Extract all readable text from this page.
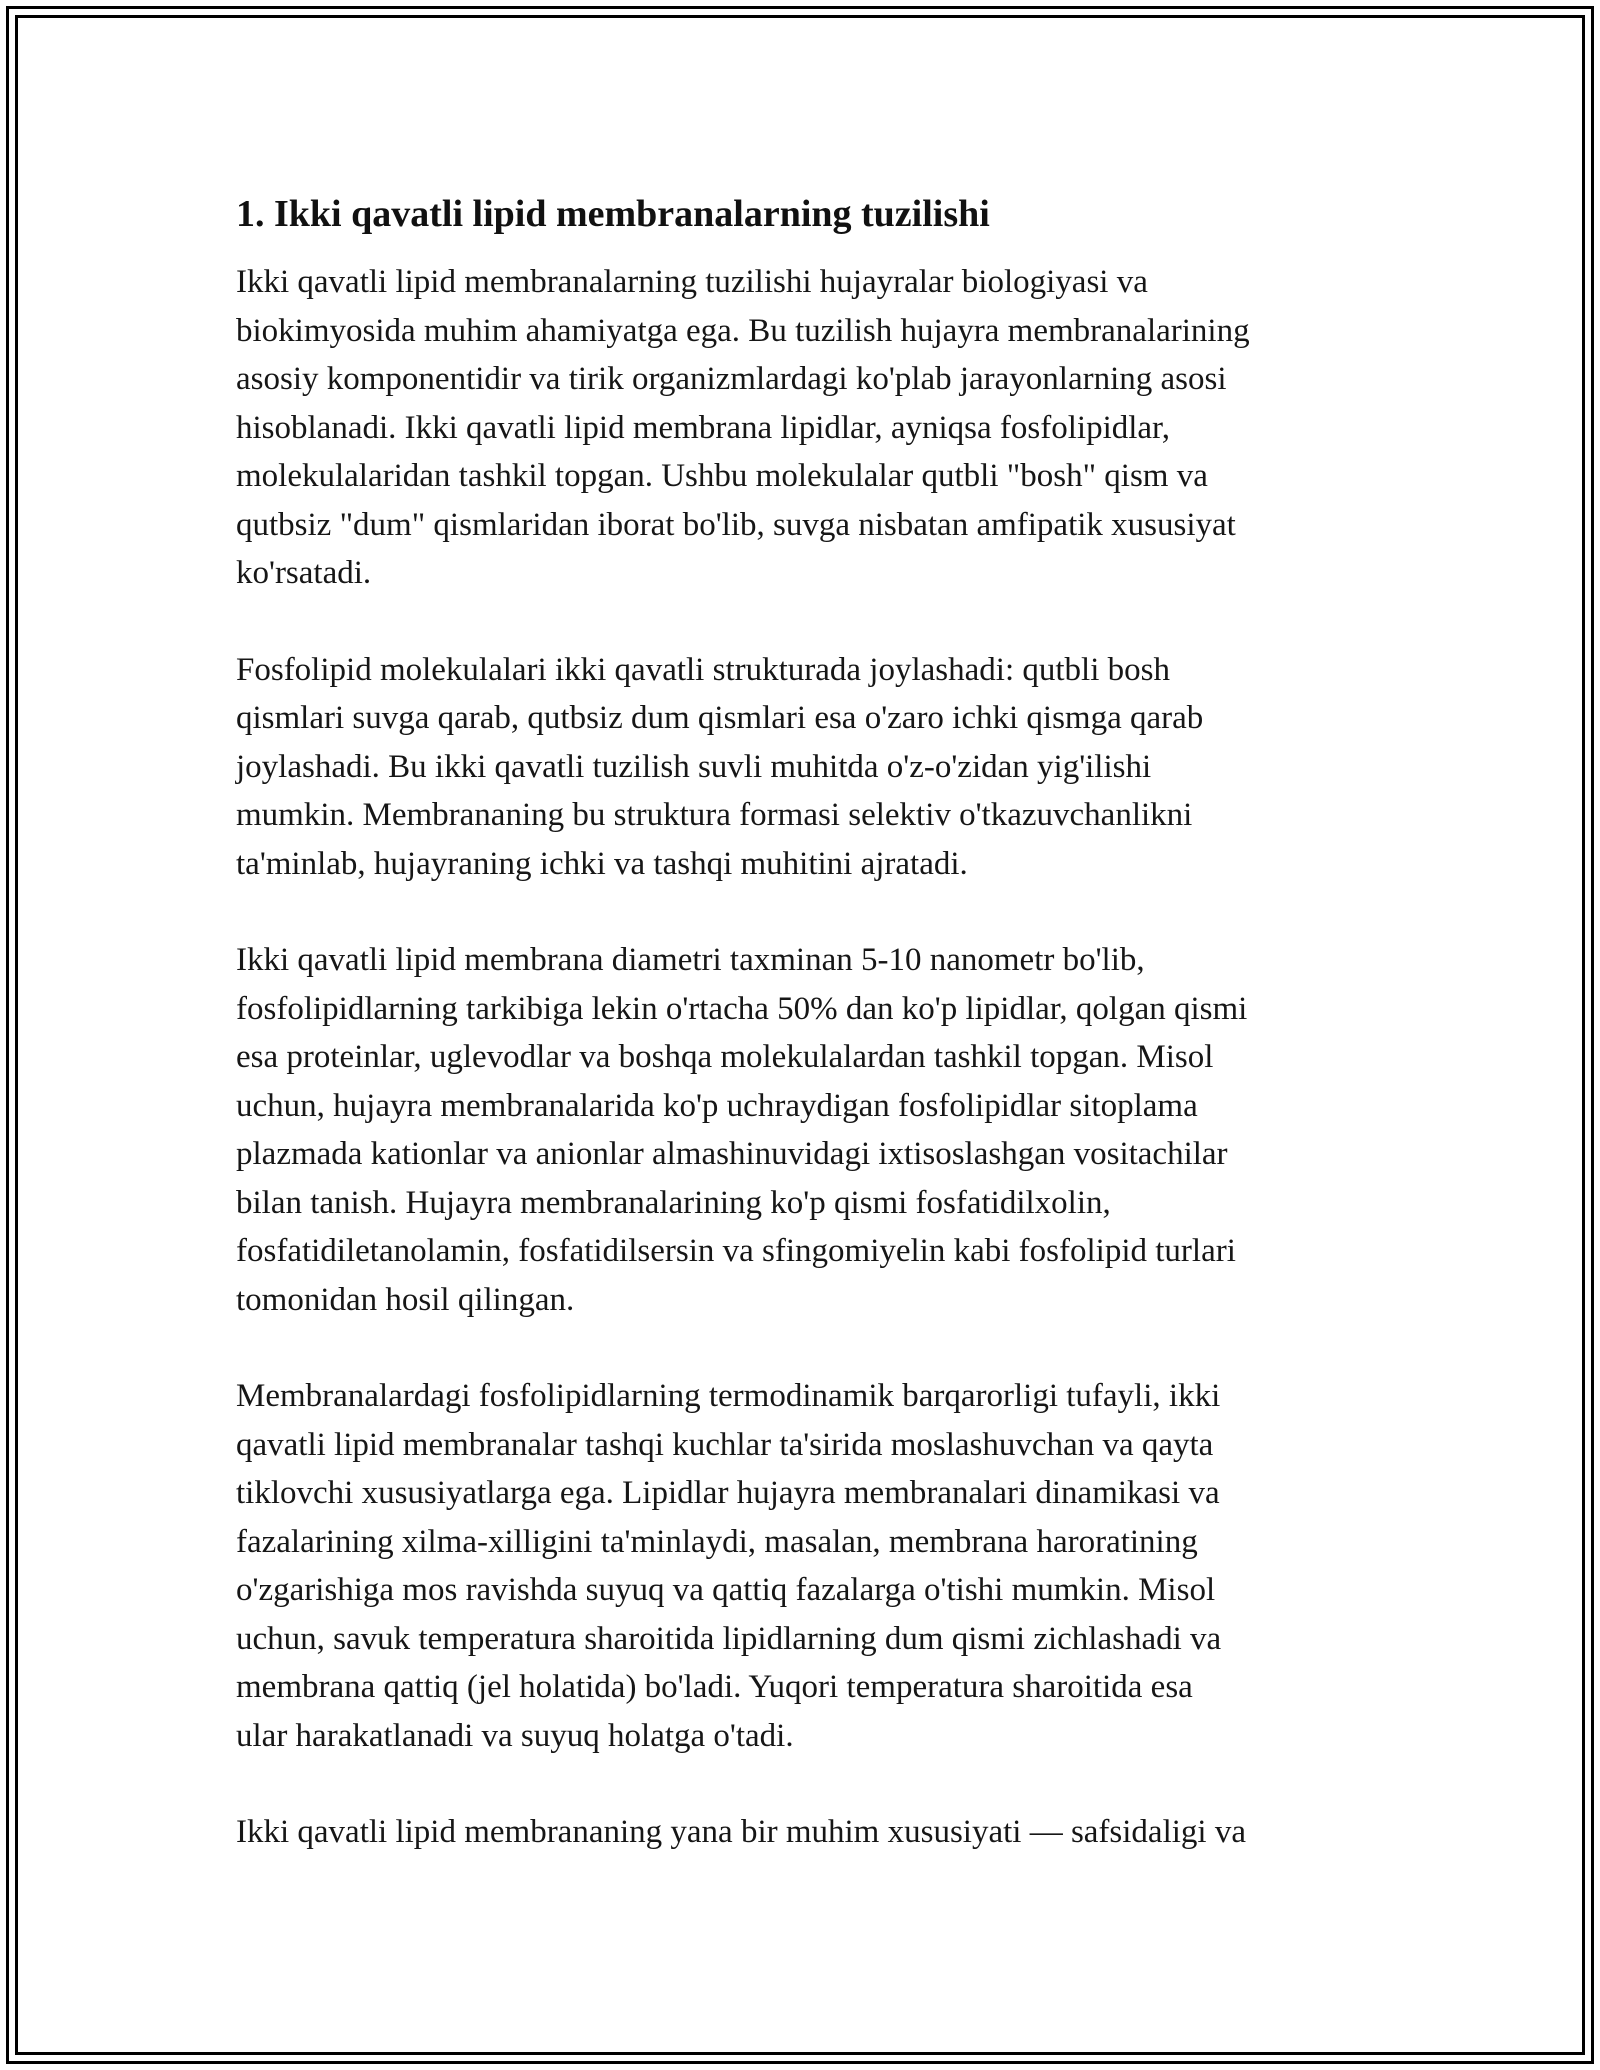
1. Ikki qavatli lipid membranalarning tuzilishi

Ikki qavatli lipid membranalarning tuzilishi hujayralar biologiyasi va
biokimyosida muhim ahamiyatga ega. Bu tuzilish hujayra membranalarining
asosiy komponentidir va tirik organizmlardagi ko'plab jarayonlarning asosi
hisoblanadi. Ikki qavatli lipid membrana lipidlar, ayniqsa fosfolipidlar,
molekulalaridan tashkil topgan. Ushbu molekulalar qutbli "bosh" qism va
qutbsiz "dum" qismlaridan iborat bo'lib, suvga nisbatan amfipatik xususiyat
ko'rsatadi.

Fosfolipid molekulalari ikki qavatli strukturada joylashadi: qutbli bosh
qismlari suvga qarab, qutbsiz dum qismlari esa o'zaro ichki qismga qarab
joylashadi. Bu ikki qavatli tuzilish suvli muhitda o'z-o'zidan yig'ilishi
mumkin. Membrananing bu struktura formasi selektiv o'tkazuvchanlikni
ta'minlab, hujayraning ichki va tashqi muhitini ajratadi.

Ikki qavatli lipid membrana diametri taxminan 5-10 nanometr bo'lib,
fosfolipidlarning tarkibiga lekin o'rtacha 50% dan ko'p lipidlar, qolgan qismi
esa proteinlar, uglevodlar va boshqa molekulalardan tashkil topgan. Misol
uchun, hujayra membranalarida ko'p uchraydigan fosfolipidlar sitoplama
plazmada kationlar va anionlar almashinuvidagi ixtisoslashgan vositachilar
bilan tanish. Hujayra membranalarining ko'p qismi fosfatidilxolin,
fosfatidiletanolamin, fosfatidilsersin va sfingomiyelin kabi fosfolipid turlari
tomonidan hosil qilingan.

Membranalardagi fosfolipidlarning termodinamik barqarorligi tufayli, ikki
qavatli lipid membranalar tashqi kuchlar ta'sirida moslashuvchan va qayta
tiklovchi xususiyatlarga ega. Lipidlar hujayra membranalari dinamikasi va
fazalarining xilma-xilligini ta'minlaydi, masalan, membrana haroratining
o'zgarishiga mos ravishda suyuq va qattiq fazalarga o'tishi mumkin. Misol
uchun, savuk temperatura sharoitida lipidlarning dum qismi zichlashadi va
membrana qattiq (jel holatida) bo'ladi. Yuqori temperatura sharoitida esa
ular harakatlanadi va suyuq holatga o'tadi.

Ikki qavatli lipid membrananing yana bir muhim xususiyati — safsidaligi va
